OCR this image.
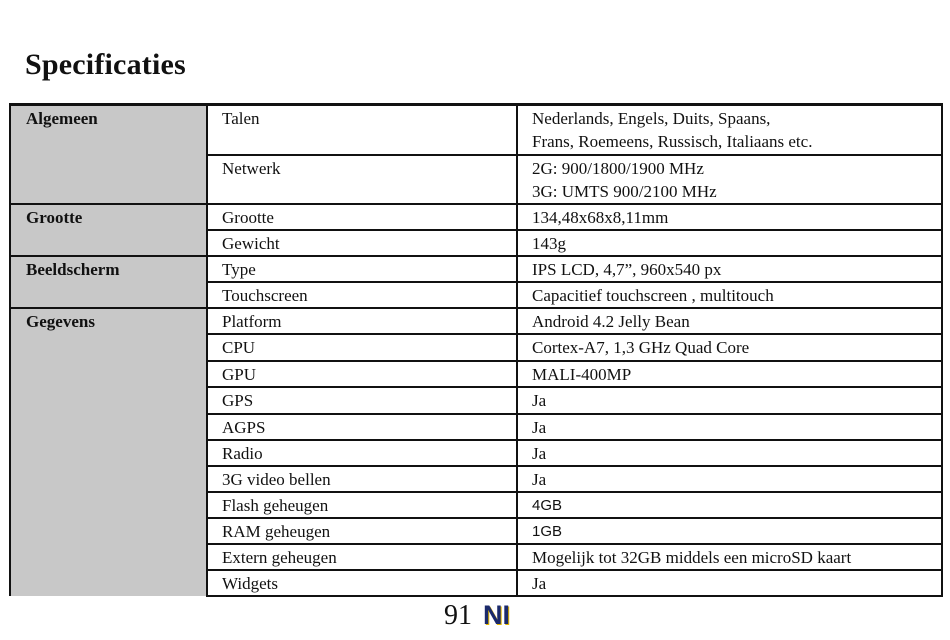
Specificaties
Algemeen	Talen	Nederlands, Engels, Duits, Spaans,
Frans, Roemeens, Russisch, Italiaans etc.

	Netwerk	2G: 900/1800/1900 MHz
3G: UMTS 900/2100 MHz

Grootte	Grootte	134,48x68x8,11mm

	Gewicht	143g

Beeldscherm	Type	IPS LCD, 4,7”, 960x540 px

	Touchscreen	Capacitief touchscreen , multitouch

Gegevens	Platform	Android 4.2 Jelly Bean

	CPU	Cortex-A7, 1,3 GHz Quad Core

	GPU	MALI-400MP

	GPS	Ja

	AGPS	Ja

	Radio	Ja

	3G video bellen	Ja

	Flash geheugen	4GB

	RAM geheugen	1GB

	Extern geheugen	Mogelijk tot 32GB middels een microSD kaart

	Widgets	Ja
91 NI
